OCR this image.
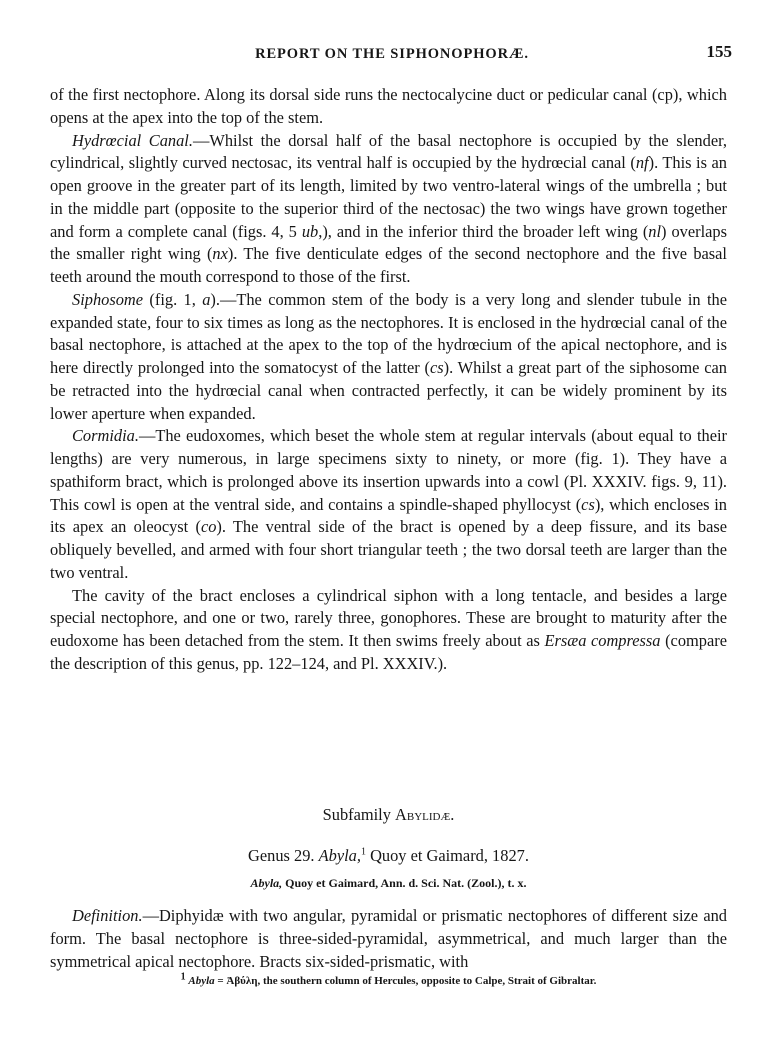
REPORT ON THE SIPHONOPHORÆ.	155

of the first nectophore. Along its dorsal side runs the nectocalycine duct or pedicular canal (cp), which opens at the apex into the top of the stem.

Hydrœcial Canal.—Whilst the dorsal half of the basal nectophore is occupied by the slender, cylindrical, slightly curved nectosac, its ventral half is occupied by the hydrœcial canal (nf). This is an open groove in the greater part of its length, limited by two ventro-lateral wings of the umbrella ; but in the middle part (opposite to the superior third of the nectosac) the two wings have grown together and form a complete canal (figs. 4, 5 ub,), and in the inferior third the broader left wing (nl) overlaps the smaller right wing (nx). The five denticulate edges of the second nectophore and the five basal teeth around the mouth correspond to those of the first.

Siphosome (fig. 1, a).—The common stem of the body is a very long and slender tubule in the expanded state, four to six times as long as the nectophores. It is enclosed in the hydrœcial canal of the basal nectophore, is attached at the apex to the top of the hydrœcium of the apical nectophore, and is here directly prolonged into the somatocyst of the latter (cs). Whilst a great part of the siphosome can be retracted into the hydrœcial canal when contracted perfectly, it can be widely prominent by its lower aperture when expanded.

Cormidia.—The eudoxomes, which beset the whole stem at regular intervals (about equal to their lengths) are very numerous, in large specimens sixty to ninety, or more (fig. 1). They have a spathiform bract, which is prolonged above its insertion upwards into a cowl (Pl. XXXIV. figs. 9, 11). This cowl is open at the ventral side, and contains a spindle-shaped phyllocyst (cs), which encloses in its apex an oleocyst (co). The ventral side of the bract is opened by a deep fissure, and its base obliquely bevelled, and armed with four short triangular teeth ; the two dorsal teeth are larger than the two ventral.

The cavity of the bract encloses a cylindrical siphon with a long tentacle, and besides a large special nectophore, and one or two, rarely three, gonophores. These are brought to maturity after the eudoxome has been detached from the stem. It then swims freely about as Ersæa compressa (compare the description of this genus, pp. 122–124, and Pl. XXXIV.).

Subfamily Abylidæ.
Genus 29. Abyla,$^1$ Quoy et Gaimard, 1827.
Abyla, Quoy et Gaimard, Ann. d. Sci. Nat. (Zool.), t. x.

Definition.—Diphyidæ with two angular, pyramidal or prismatic nectophores of different size and form. The basal nectophore is three-sided-pyramidal, asymmetrical, and much larger than the symmetrical apical nectophore. Bracts six-sided-prismatic, with

$^1$ Abyla = Ἀβύλη, the southern column of Hercules, opposite to Calpe, Strait of Gibraltar.
